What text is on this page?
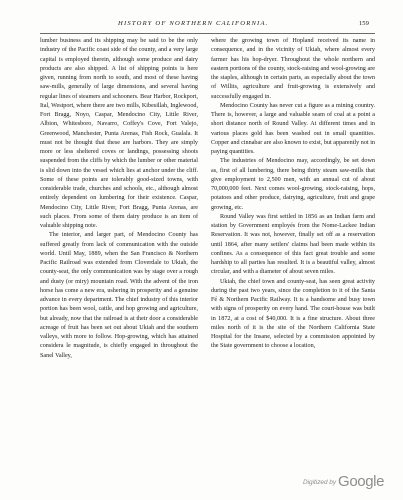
HISTORY OF NORTHERN CALIFORNIA.	159

lumber business and its shipping may be said to be the only industry of the Pacific coast side of the county, and a very large capital is employed therein, although some produce and dairy products are also shipped. A list of shipping points is here given, running from north to south, and most of these having saw-mills, generally of large dimensions, and several having regular lines of steamers and schooners. Bear Harbor, Rockport, Ital, Westport, where there are two mills, Kibesillah, Inglewood, Fort Bragg, Noyo, Caspar, Mendocino City, Little River, Albion, Whitesboro, Navarro, Coffey's Cove, Fort Valejo, Greenwood, Manchester, Punta Arenas, Fish Rock, Gualala. It must not be thought that these are harbors. They are simply more or less sheltered coves or landings, possessing shoots suspended from the cliffs by which the lumber or other material is slid down into the vessel which lies at anchor under the cliff. Some of these points are tolerably good-sized towns, with considerable trade, churches and schools, etc., although almost entirely dependent on lumbering for their existence. Caspar, Mendocino City, Little River, Fort Bragg, Punta Arenas, are such places. From some of them dairy produce is an item of valuable shipping note.

The interior, and larger part, of Mendocino County has suffered greatly from lack of communication with the outside world. Until May, 1889, when the San Francisco & Northern Pacific Railroad was extended from Cloverdale to Ukiah, the county-seat, the only communication was by stage over a rough and dusty (or miry) mountain road. With the advent of the iron horse has come a new era, ushering in prosperity and a genuine advance in every department. The chief industry of this interior portion has been wool, cattle, and hop growing and agriculture, but already, now that the railroad is at their door a considerable acreage of fruit has been set out about Ukiah and the southern valleys, with more to follow. Hop-growing, which has attained considera le magnitude, is chiefly engaged in throughout the Sanel Valley,

where the growing town of Hopland received its name in consequence, and in the vicinity of Ukiah, where almost every farmer has his hop-dryer. Throughout the whole northern and eastern portions of the county, stock-raising and wool-growing are the staples, although in certain parts, as especially about the town of Willits, agriculture and fruit-growing is extensively and successfully engaged in.

Mendocino County has never cut a figure as a mining country. There is, however, a large and valuable seam of coal at a point a short distance north of Round Valley. At different times and in various places gold has been washed out in small quantities. Copper and cinnabar are also known to exist, but apparently not in paying quantities.

The industries of Mendocino may, accordingly, be set down as, first of all lumbering, there being thirty steam saw-mills that give employment to 2,500 men, with an annual cut of about 70,000,000 feet. Next comes wool-growing, stock-raising, hops, potatoes and other produce, dairying, agriculture, fruit and grape growing, etc.

Round Valley was first settled in 1856 as an Indian farm and station by Government employés from the Nome-Lackee Indian Reservation. It was not, however, finally set off as a reservation until 1864, after many settlers' claims had been made within its confines. As a consequence of this fact great trouble and some hardship to all parties has resulted. It is a beautiful valley, almost circular, and with a diameter of about seven miles.

Ukiah, the chief town and county-seat, has seen great activity during the past two years, since the completion to it of the Santa Fé & Northern Pacific Railway. It is a handsome and busy town with signs of prosperity on every hand. The court-house was built in 1872, at a cost of $40,000. It is a fine structure. About three miles north of it is the site of the Northern California State Hospital for the Insane, selected by a commission appointed by the State government to choose a location,

Digitized by Google
